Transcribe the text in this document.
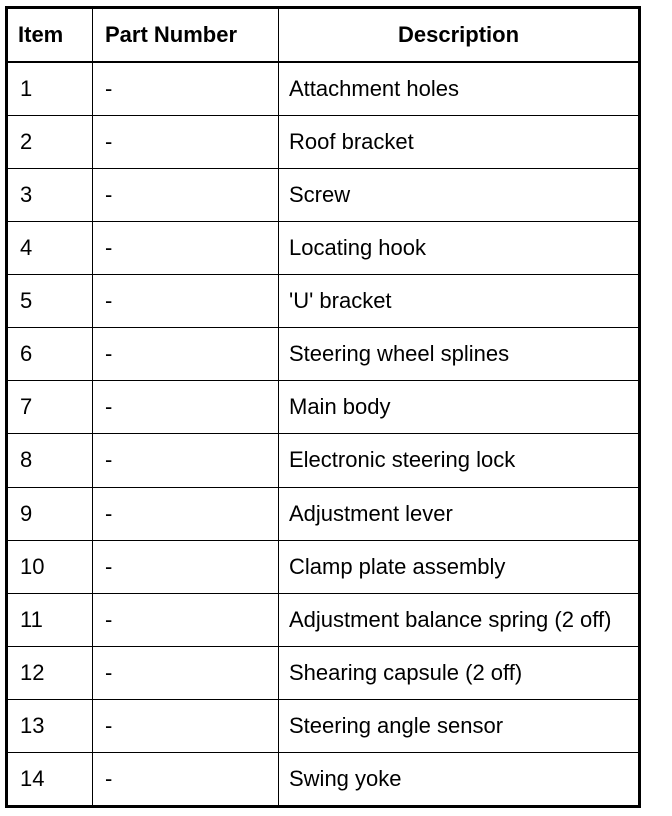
Item	Part Number	Description
1	-	Attachment holes
2	-	Roof bracket
3	-	Screw
4	-	Locating hook
5	-	'U' bracket
6	-	Steering wheel splines
7	-	Main body
8	-	Electronic steering lock
9	-	Adjustment lever
10	-	Clamp plate assembly
11	-	Adjustment balance spring (2 off)
12	-	Shearing capsule (2 off)
13	-	Steering angle sensor
14	-	Swing yoke
